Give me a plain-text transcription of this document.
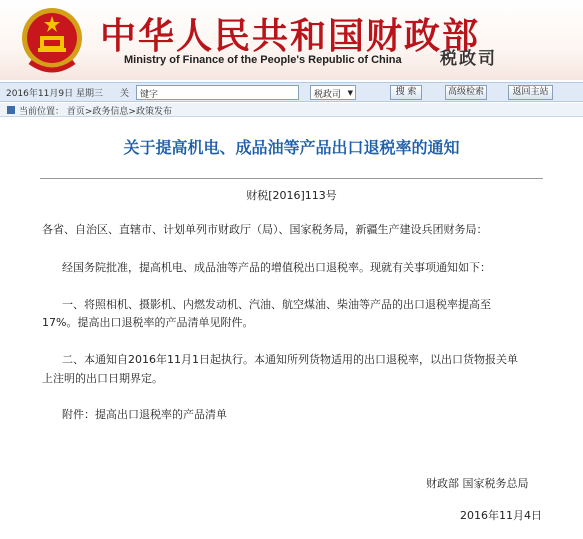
中华人民共和国财政部
Ministry of Finance of the People's Republic of China 税政司
2016年11月9日 星期三 关	键字	税政司 ▼	搜 索	高级检索	返回主站
当前位置： 首页>政务信息>政策发布
关于提高机电、成品油等产品出口退税率的通知
财税[2016]113号
各省、自治区、直辖市、计划单列市财政厅（局）、国家税务局，新疆生产建设兵团财务局：
经国务院批准，提高机电、成品油等产品的增值税出口退税率。现就有关事项通知如下：
一、将照相机、摄影机、内燃发动机、汽油、航空煤油、柴油等产品的出口退税率提高至
17%。提高出口退税率的产品清单见附件。
二、本通知自2016年11月1日起执行。本通知所列货物适用的出口退税率，以出口货物报关单
上注明的出口日期界定。
附件：提高出口退税率的产品清单
财政部 国家税务总局
2016年11月4日
